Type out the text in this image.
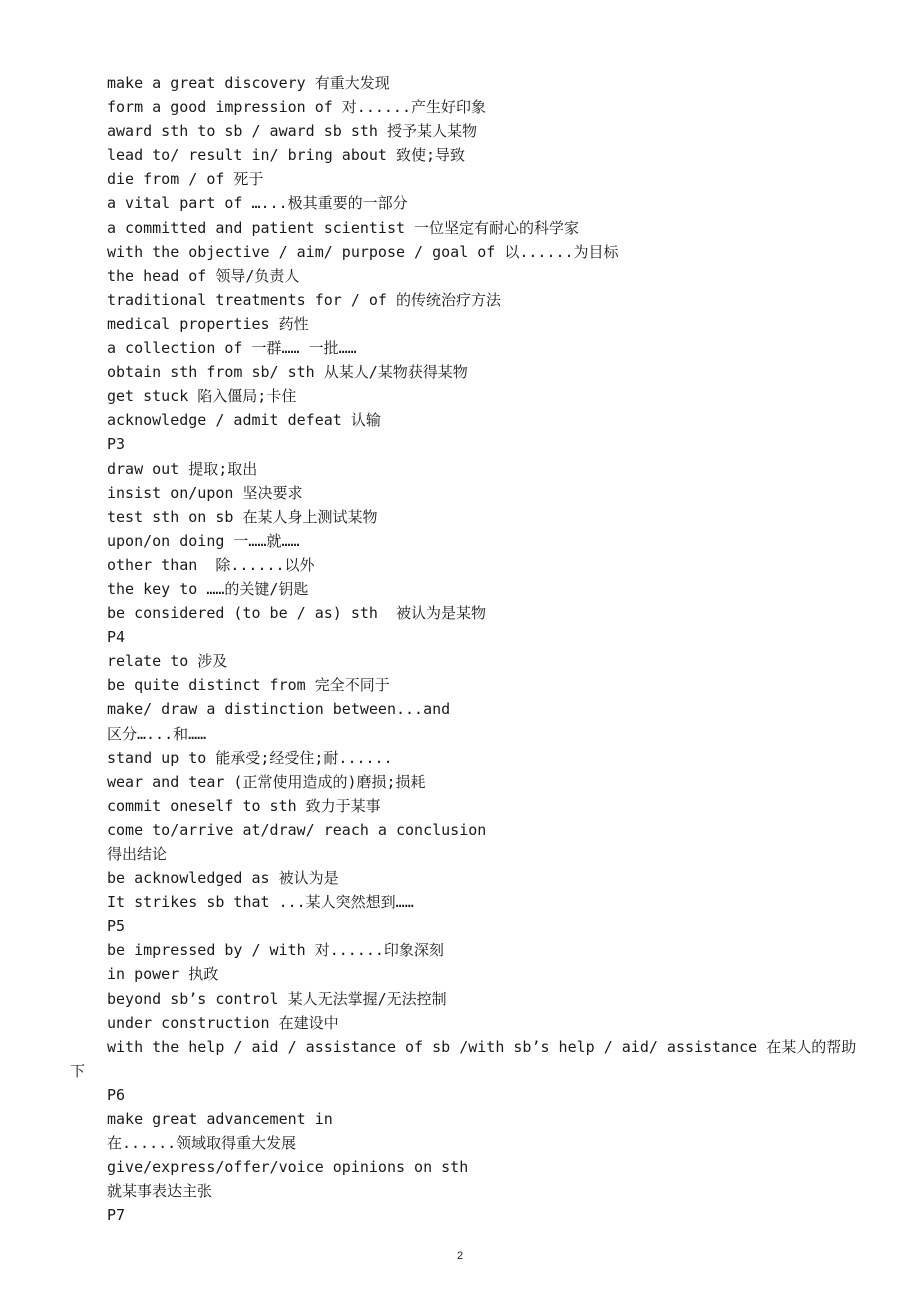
make a great discovery 有重大发现
form a good impression of 对......产生好印象
award sth to sb / award sb sth 授予某人某物
lead to/ result in/ bring about 致使;导致
die from / of 死于
a vital part of …...极其重要的一部分
a committed and patient scientist 一位坚定有耐心的科学家
with the objective / aim/ purpose / goal of 以......为目标
the head of 领导/负责人
traditional treatments for / of 的传统治疗方法
medical properties 药性
a collection of 一群…… 一批……
obtain sth from sb/ sth 从某人/某物获得某物
get stuck 陷入僵局;卡住
acknowledge / admit defeat 认输
P3
draw out 提取;取出
insist on/upon 坚决要求
test sth on sb 在某人身上测试某物
upon/on doing 一……就……
other than  除......以外
the key to ……的关键/钥匙
be considered (to be / as) sth  被认为是某物
P4
relate to 涉及
be quite distinct from 完全不同于
make/ draw a distinction between...and
区分…...和……
stand up to 能承受;经受住;耐......
wear and tear (正常使用造成的)磨损;损耗
commit oneself to sth 致力于某事
come to/arrive at/draw/ reach a conclusion
得出结论
be acknowledged as 被认为是
It strikes sb that ...某人突然想到……
P5
be impressed by / with 对......印象深刻
in power 执政
beyond sb’s control 某人无法掌握/无法控制
under construction 在建设中
with the help / aid / assistance of sb /with sb’s help / aid/ assistance 在某人的帮助下
P6
make great advancement in
在......领域取得重大发展
give/express/offer/voice opinions on sth
就某事表达主张
P7
2
